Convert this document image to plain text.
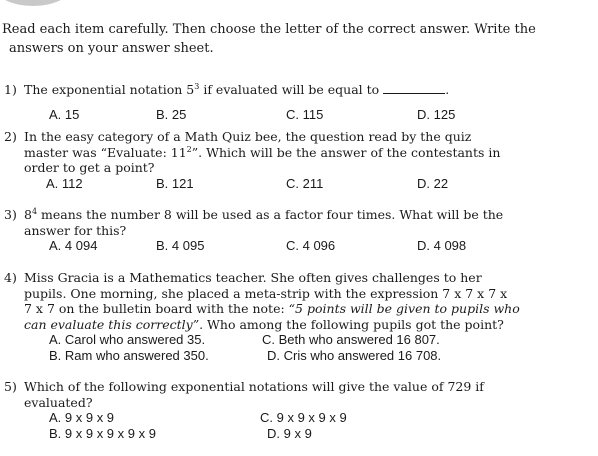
Read each item carefully. Then choose the letter of the correct answer. Write the
answers on your answer sheet.
1) The exponential notation $5^3$ if evaluated will be equal to	.
A. 15	B. 25	C. 115	D. 125
2) In the easy category of a Math Quiz bee, the question read by the quiz
master was “Evaluate: $11^2$”. Which will be the answer of the contestants in
order to get a point?
A. 112	B. 121	C. 211	D. 22
3) $8^4$ means the number 8 will be used as a factor four times. What will be the
answer for this?
A. 4 094	B. 4 095	C. 4 096	D. 4 098
4) Miss Gracia is a Mathematics teacher. She often gives challenges to her
pupils. One morning, she placed a meta-strip with the expression 7 x 7 x 7 x
7 x 7 on the bulletin board with the note: “5 points will be given to pupils who
can evaluate this correctly”. Who among the following pupils got the point?
A. Carol who answered 35.	C. Beth who answered 16 807.
B. Ram who answered 350.	D. Cris who answered 16 708.
5) Which of the following exponential notations will give the value of 729 if
evaluated?
A. 9 x 9 x 9	C. 9 x 9 x 9 x 9
B. 9 x 9 x 9 x 9 x 9	D. 9 x 9
